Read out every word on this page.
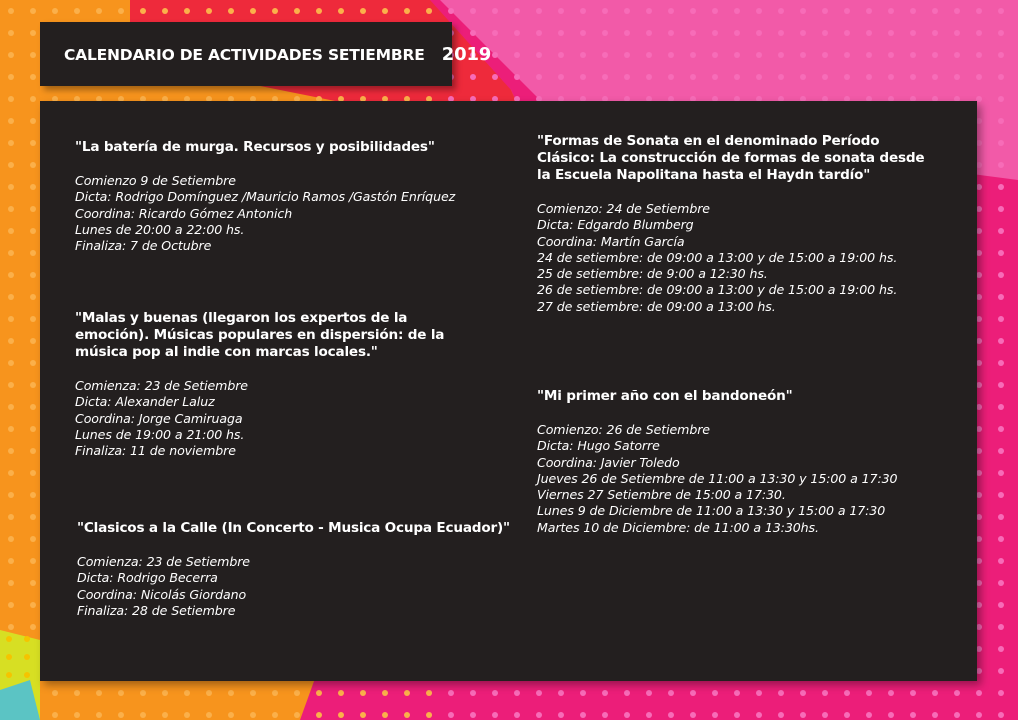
CALENDARIO DE ACTIVIDADES SETIEMBRE 2019
"La batería de murga. Recursos y posibilidades"
Comienzo 9 de Setiembre
Dicta: Rodrigo Domínguez /Mauricio Ramos /Gastón Enríquez
Coordina: Ricardo Gómez Antonich
Lunes de 20:00 a 22:00 hs.
Finaliza: 7 de Octubre
"Malas y buenas (llegaron los expertos de la emoción). Músicas populares en dispersión: de la música pop al indie con marcas locales."
Comienza: 23 de Setiembre
Dicta: Alexander Laluz
Coordina: Jorge Camiruaga
Lunes de 19:00 a 21:00 hs.
Finaliza: 11 de noviembre
"Clasicos a la Calle (In Concerto - Musica Ocupa Ecuador)"
Comienza: 23 de Setiembre
Dicta: Rodrigo Becerra
Coordina: Nicolás Giordano
Finaliza: 28 de Setiembre
"Formas de Sonata en el denominado Período Clásico: La construcción de formas de sonata desde la Escuela Napolitana hasta el Haydn tardío"
Comienzo: 24 de Setiembre
Dicta: Edgardo Blumberg
Coordina: Martín García
24 de setiembre: de 09:00 a 13:00 y de 15:00 a 19:00 hs.
25 de setiembre: de 9:00 a 12:30 hs.
26 de setiembre: de 09:00 a 13:00 y de 15:00 a 19:00 hs.
27 de setiembre: de 09:00 a 13:00 hs.
"Mi primer año con el bandoneón"
Comienzo: 26 de Setiembre
Dicta: Hugo Satorre
Coordina: Javier Toledo
Jueves 26 de Setiembre de 11:00 a 13:30 y 15:00 a 17:30
Viernes 27 Setiembre de 15:00 a 17:30.
Lunes 9 de Diciembre de 11:00 a 13:30 y 15:00 a 17:30
Martes 10 de Diciembre: de 11:00 a 13:30hs.
